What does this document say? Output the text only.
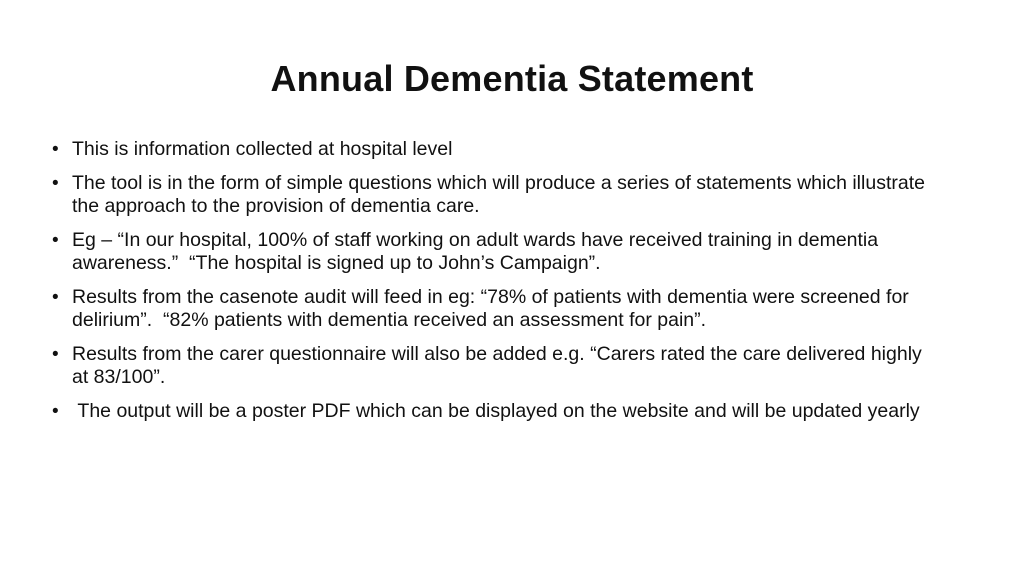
Annual Dementia Statement
• This is information collected at hospital level
• The tool is in the form of simple questions which will produce a series of statements which illustrate the approach to the provision of dementia care.
• Eg – “In our hospital, 100% of staff working on adult wards have received training in dementia awareness.”  “The hospital is signed up to John’s Campaign”.
• Results from the casenote audit will feed in eg: “78% of patients with dementia were screened for delirium”.  “82% patients with dementia received an assessment for pain”.
• Results from the carer questionnaire will also be added e.g. “Carers rated the care delivered highly at 83/100”.
• The output will be a poster PDF which can be displayed on the website and will be updated yearly
